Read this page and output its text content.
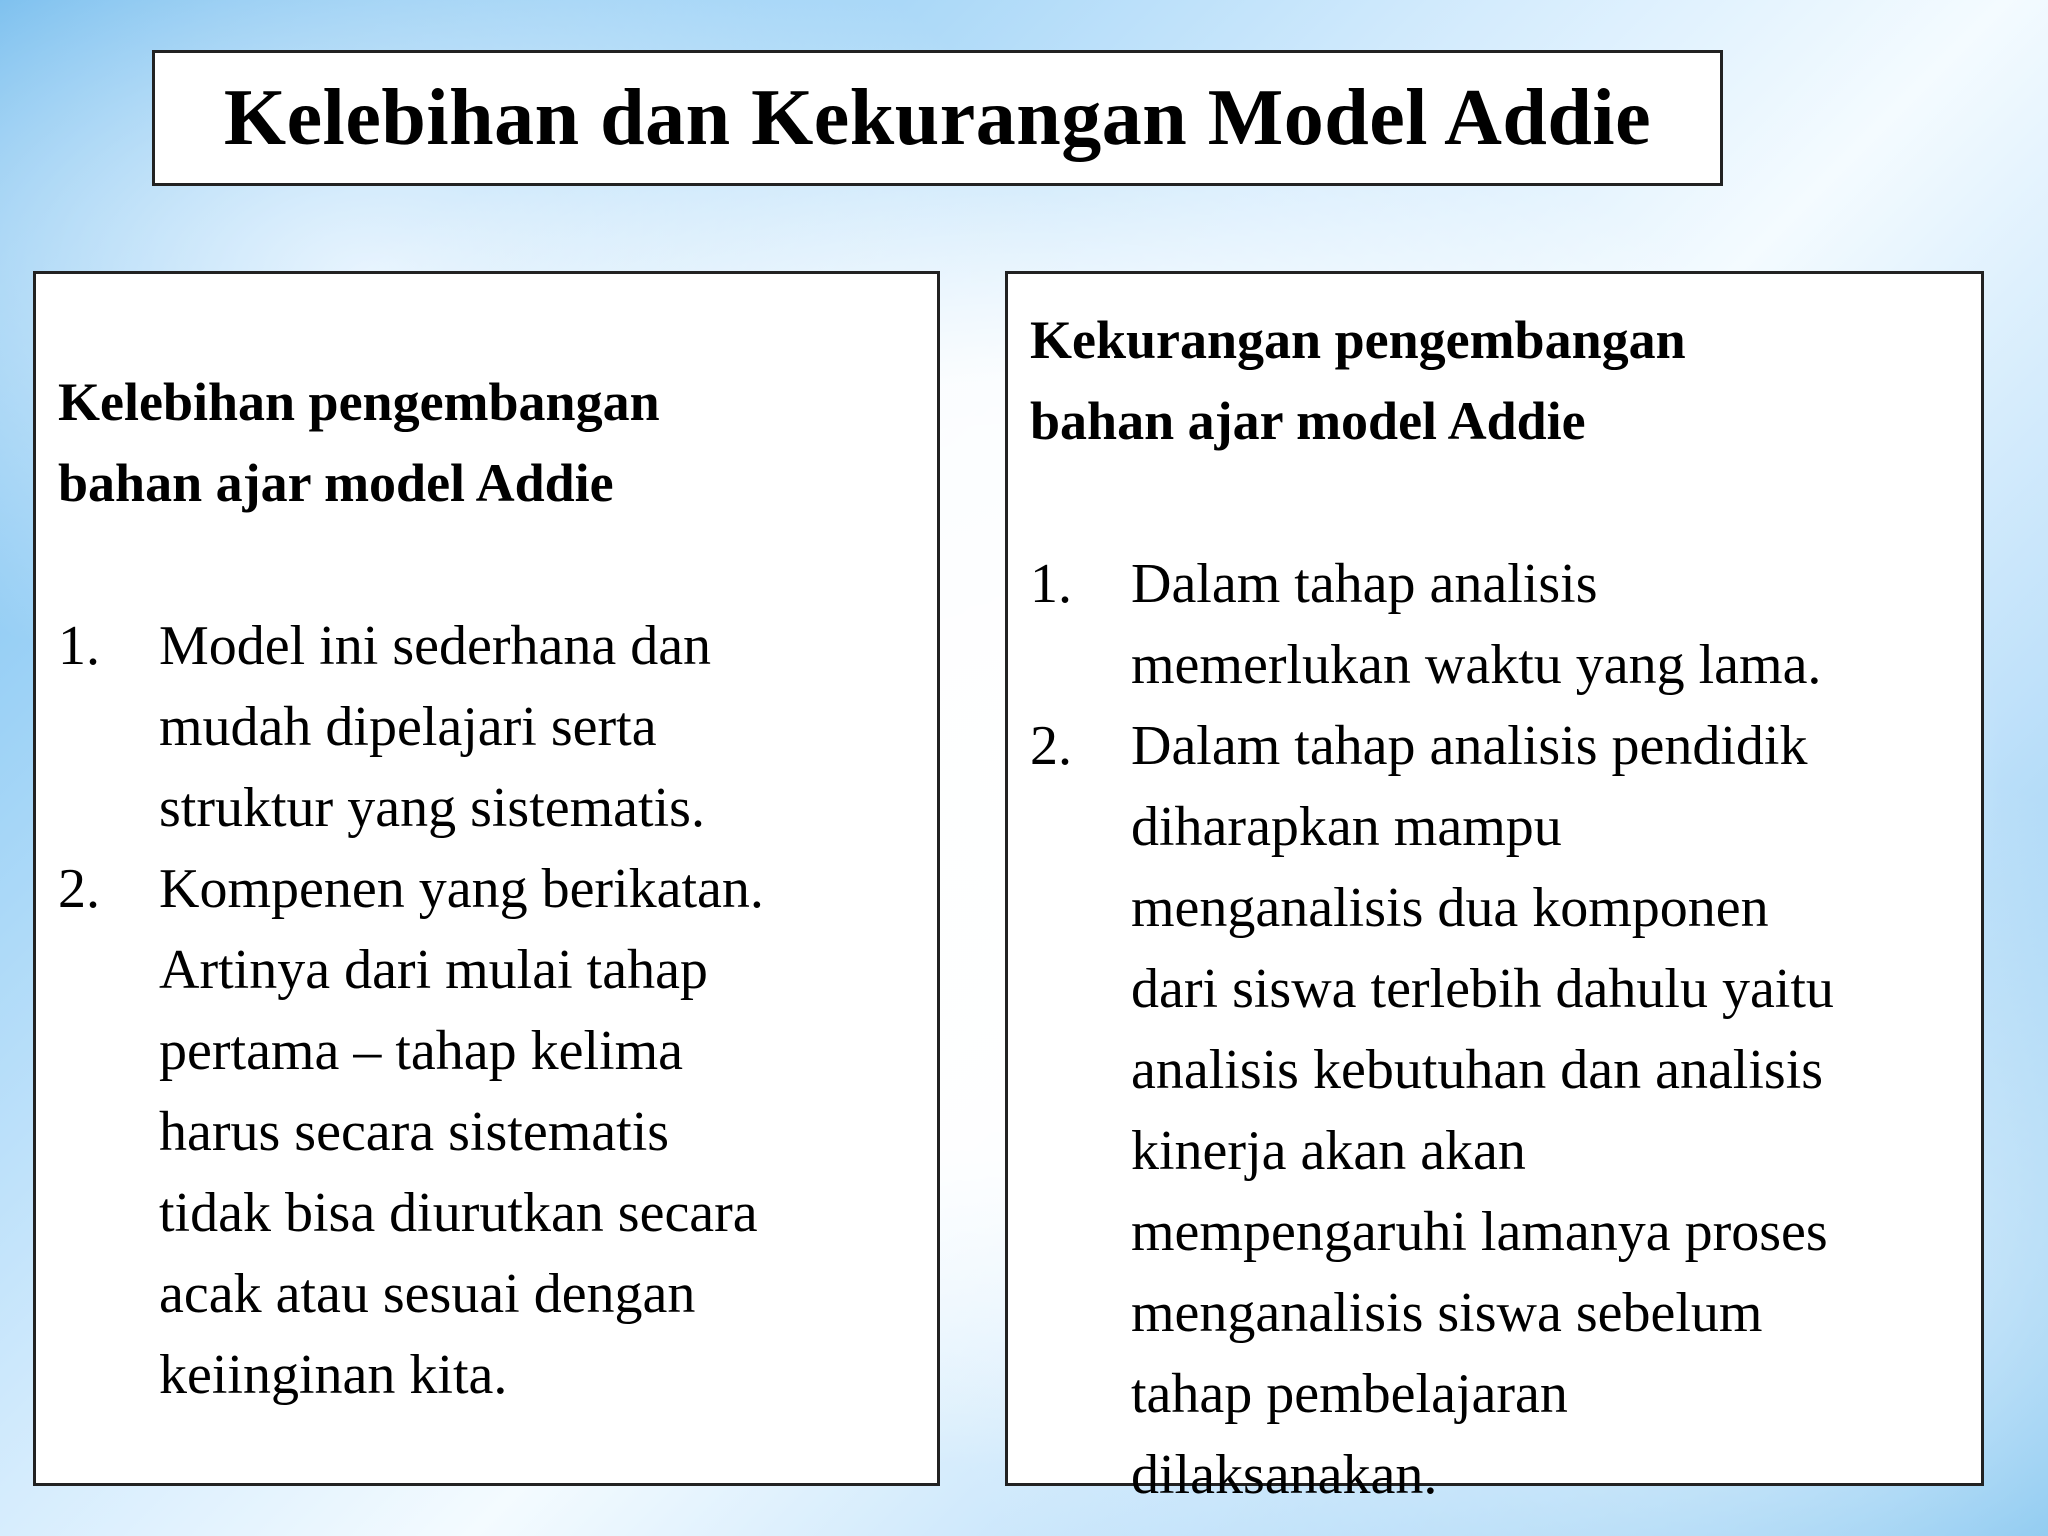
Kelebihan dan Kekurangan Model Addie
Kelebihan pengembangan
bahan ajar model Addie
1.	Model ini sederhana dan
mudah dipelajari serta
struktur yang sistematis.
2.	Kompenen yang berikatan.
Artinya dari mulai tahap
pertama – tahap kelima
harus secara sistematis
tidak bisa diurutkan secara
acak atau sesuai dengan
keiinginan kita.
Kekurangan pengembangan
bahan ajar model Addie
1.	Dalam tahap analisis
memerlukan waktu yang lama.
2.	Dalam tahap analisis pendidik
diharapkan mampu
menganalisis dua komponen
dari siswa terlebih dahulu yaitu
analisis kebutuhan dan analisis
kinerja akan akan
mempengaruhi lamanya proses
menganalisis siswa sebelum
tahap pembelajaran
dilaksanakan.
